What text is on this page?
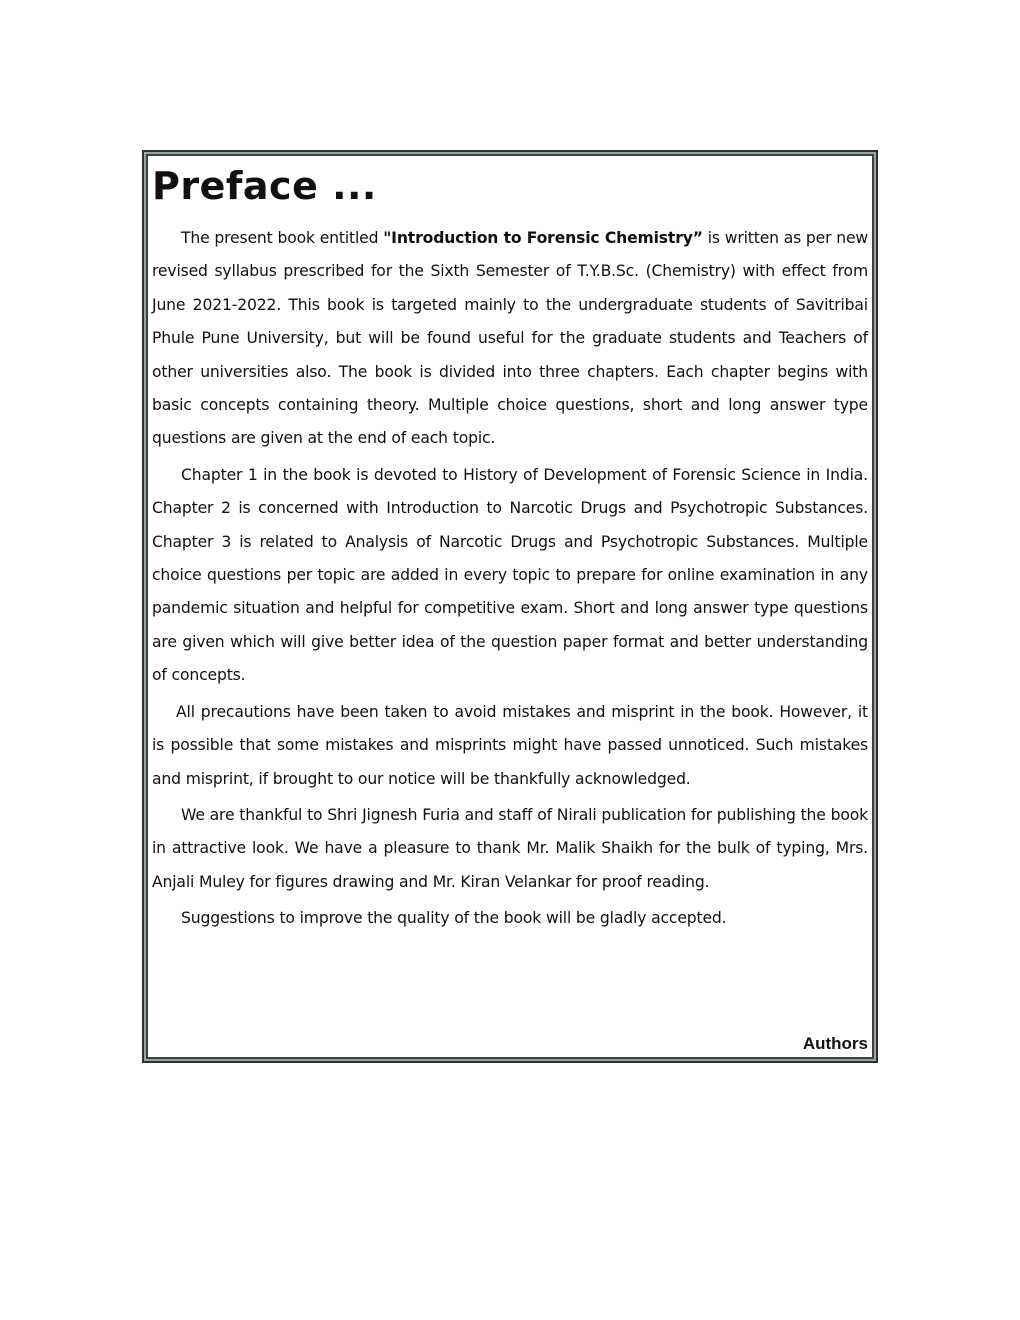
Preface ...

The present book entitled "Introduction to Forensic Chemistry” is written as per new revised syllabus prescribed for the Sixth Semester of T.Y.B.Sc. (Chemistry) with effect from June 2021-2022. This book is targeted mainly to the undergraduate students of Savitribai Phule Pune University, but will be found useful for the graduate students and Teachers of other universities also. The book is divided into three chapters. Each chapter begins with basic concepts containing theory. Multiple choice questions, short and long answer type questions are given at the end of each topic.

Chapter 1 in the book is devoted to History of Development of Forensic Science in India. Chapter 2 is concerned with Introduction to Narcotic Drugs and Psychotropic Substances. Chapter 3 is related to Analysis of Narcotic Drugs and Psychotropic Substances. Multiple choice questions per topic are added in every topic to prepare for online examination in any pandemic situation and helpful for competitive exam. Short and long answer type questions are given which will give better idea of the question paper format and better understanding of concepts.

All precautions have been taken to avoid mistakes and misprint in the book. However, it is possible that some mistakes and misprints might have passed unnoticed. Such mistakes and misprint, if brought to our notice will be thankfully acknowledged.

We are thankful to Shri Jignesh Furia and staff of Nirali publication for publishing the book in attractive look. We have a pleasure to thank Mr. Malik Shaikh for the bulk of typing, Mrs. Anjali Muley for figures drawing and Mr. Kiran Velankar for proof reading.

Suggestions to improve the quality of the book will be gladly accepted.

Authors
